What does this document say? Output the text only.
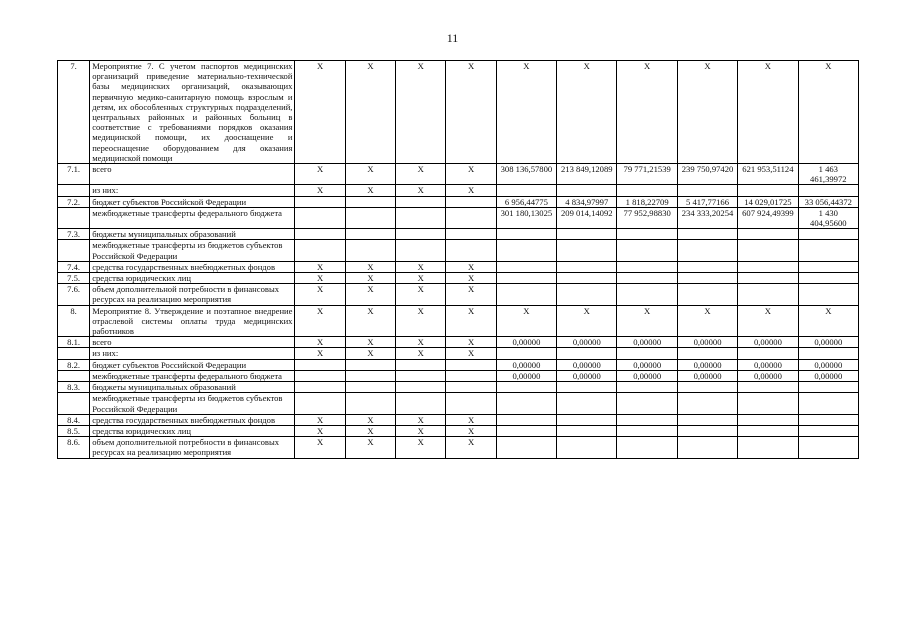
11
7.	Мероприятие 7. С учетом паспортов медицинских организаций приведение материально-технической базы медицинских организаций, оказывающих первичную медико-санитарную помощь взрослым и детям, их обособленных структурных подразделений, центральных районных и районных больниц в соответствие с требованиями порядков оказания медицинской помощи, их дооснащение и переоснащение оборудованием для оказания медицинской помощи	X	X	X	X	X	X	X	X	X	X
7.1.	всего	X	X	X	X	308 136,57800	213 849,12089	79 771,21539	239 750,97420	621 953,51124	1 463 461,39972
	из них:	X	X	X	X						
7.2.	бюджет субъектов Российской Федерации					6 956,44775	4 834,97997	1 818,22709	5 417,77166	14 029,01725	33 056,44372
	межбюджетные трансферты федерального бюджета					301 180,13025	209 014,14092	77 952,98830	234 333,20254	607 924,49399	1 430 404,95600
7.3.	бюджеты муниципальных образований										
	межбюджетные трансферты из бюджетов субъектов Российской Федерации										
7.4.	средства государственных внебюджетных фондов	X	X	X	X						
7.5.	средства юридических лиц	X	X	X	X						
7.6.	объем дополнительной потребности в финансовых ресурсах на реализацию мероприятия	X	X	X	X						
8.	Мероприятие 8. Утверждение и поэтапное внедрение отраслевой системы оплаты труда медицинских работников	X	X	X	X	X	X	X	X	X	X
8.1.	всего	X	X	X	X	0,00000	0,00000	0,00000	0,00000	0,00000	0,00000
	из них:	X	X	X	X						
8.2.	бюджет субъектов Российской Федерации					0,00000	0,00000	0,00000	0,00000	0,00000	0,00000
	межбюджетные трансферты федерального бюджета					0,00000	0,00000	0,00000	0,00000	0,00000	0,00000
8.3.	бюджеты муниципальных образований										
	межбюджетные трансферты из бюджетов субъектов Российской Федерации										
8.4.	средства государственных внебюджетных фондов	X	X	X	X						
8.5.	средства юридических лиц	X	X	X	X						
8.6.	объем дополнительной потребности в финансовых ресурсах на реализацию мероприятия	X	X	X	X						
